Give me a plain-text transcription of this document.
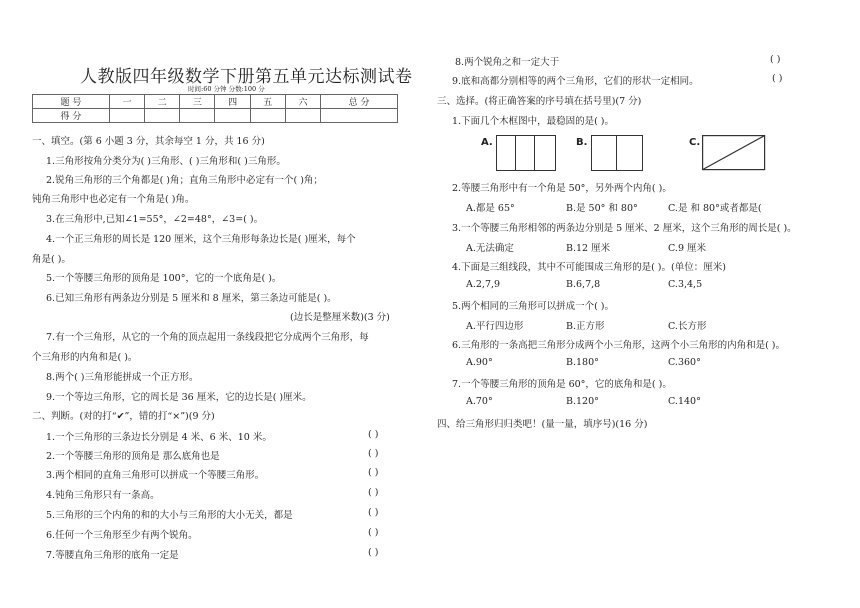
人教版四年级数学下册第五单元达标测试卷
时间:60 分钟 分数:100 分
题 号	一	二	三	四	五	六	总 分
得 分							
一、填空。(第 6 小题 3 分，其余每空 1 分，共 16 分)
1.三角形按角分类分为( )三角形、( )三角形和( )三角形。
2.锐角三角形的三个角都是( )角；直角三角形中必定有一个( )角；
钝角三角形中也必定有一个角是( )角。
3.在三角形中,已知∠1=55°，∠2=48°，∠3=( )。
4.一个正三角形的周长是 120 厘米，这个三角形每条边长是( )厘米，每个
角是( )。
5.一个等腰三角形的顶角是 100°，它的一个底角是( )。
6.已知三角形有两条边分别是 5 厘米和 8 厘米，第三条边可能是( )。
(边长是整厘米数)(3 分)
7.有一个三角形，从它的一个角的顶点起用一条线段把它分成两个三角形，每
个三角形的内角和是( )。
8.两个( )三角形能拼成一个正方形。
9.一个等边三角形，它的周长是 36 厘米，它的边长是( )厘米。
二、判断。(对的打“✔”，错的打“×”)(9 分)
1.一个三角形的三条边长分别是 4 米、6 米、10 米。	( )
2.一个等腰三角形的顶角是 那么底角也是	( )
3.两个相同的直角三角形可以拼成一个等腰三角形。	( )
4.钝角三角形只有一条高。	( )
5.三角形的三个内角的和的大小与三角形的大小无关，都是	( )
6.任何一个三角形至少有两个锐角。	( )
7.等腰直角三角形的底角一定是	( )
8.两个锐角之和一定大于	( )
9.底和高都分别相等的两个三角形，它们的形状一定相同。	( )
三、选择。(将正确答案的序号填在括号里)(7 分)
1.下面几个木框图中，最稳固的是( )。
A.	B.	C.
2.等腰三角形中有一个角是 50°，另外两个内角( )。
A.都是 65°	B.是 50° 和 80°	C.是 和 80°或者都是(
3.一个等腰三角形相邻的两条边分别是 5 厘米、2 厘米，这个三角形的周长是( )。
A.无法确定	B.12 厘米	C.9 厘米
4.下面是三组线段，其中不可能围成三角形的是( )。(单位：厘米)
A.2,7,9	B.6,7,8	C.3,4,5
5.两个相同的三角形可以拼成一个( )。
A.平行四边形	B.正方形	C.长方形
6.三角形的一条高把三角形分成两个小三角形，这两个小三角形的内角和是( )。
A.90°	B.180°	C.360°
7.一个等腰三角形的顶角是 60°，它的底角和是( )。
A.70°	B.120°	C.140°
四、给三角形归归类吧！(量一量，填序号)(16 分)
